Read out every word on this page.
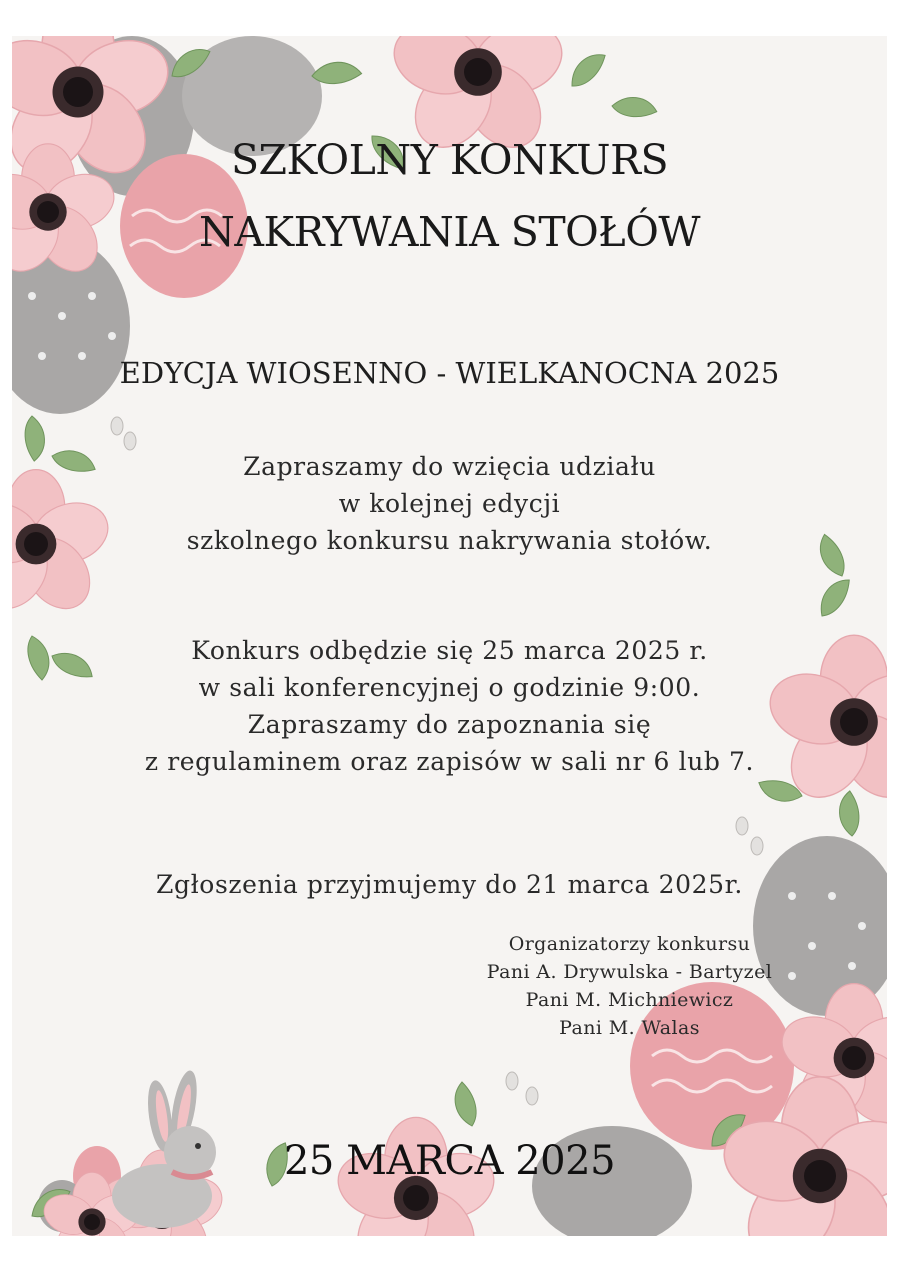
SZKOLNY KONKURS
NAKRYWANIA STOŁÓW
EDYCJA WIOSENNO - WIELKANOCNA 2025
Zapraszamy do wzięcia udziału
w kolejnej edycji
szkolnego konkursu nakrywania stołów.
Konkurs odbędzie się 25 marca 2025 r.
w sali konferencyjnej o godzinie 9:00.
Zapraszamy do zapoznania się
z regulaminem oraz zapisów w sali nr 6 lub 7.
Zgłoszenia przyjmujemy do 21 marca 2025r.
Organizatorzy konkursu
Pani A. Drywulska - Bartyzel
Pani M. Michniewicz
Pani M. Walas
25 MARCA 2025
